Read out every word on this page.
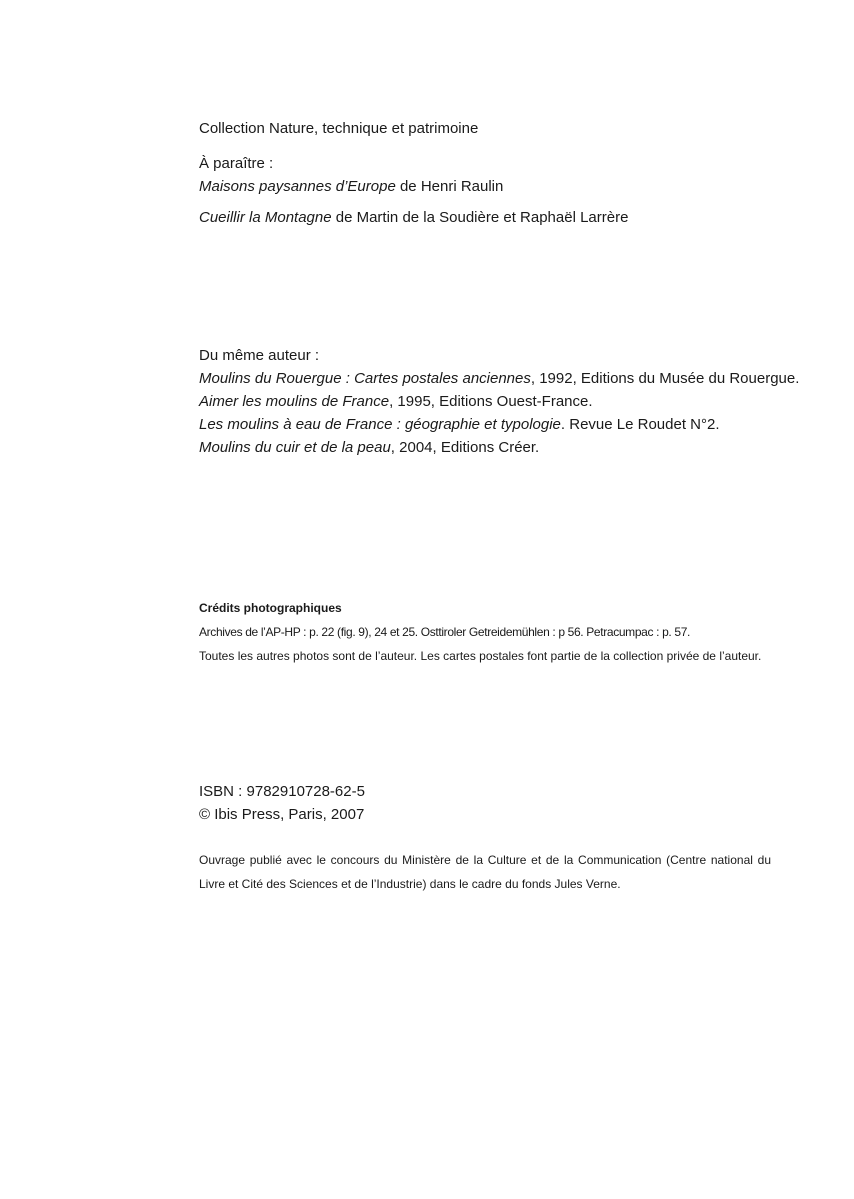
Collection Nature, technique et patrimoine
À paraître :
Maisons paysannes d’Europe de Henri Raulin
Cueillir la Montagne de Martin de la Soudière et Raphaël Larrère
Du même auteur :
Moulins du Rouergue : Cartes postales anciennes, 1992, Editions du Musée du Rouergue.
Aimer les moulins de France, 1995, Editions Ouest-France.
Les moulins à eau de France : géographie et typologie. Revue Le Roudet N°2.
Moulins du cuir et de la peau, 2004, Editions Créer.
Crédits photographiques
Archives de l’AP-HP : p. 22 (fig. 9), 24 et 25. Osttiroler Getreidemühlen : p 56. Petracumpac : p. 57.
Toutes les autres photos sont de l’auteur. Les cartes postales font partie de la collection privée de l’auteur.
ISBN : 9782910728-62-5
© Ibis Press, Paris, 2007
Ouvrage publié avec le concours du Ministère de la Culture et de la Communication (Centre national du Livre et Cité des Sciences et de l’Industrie) dans le cadre du fonds Jules Verne.
